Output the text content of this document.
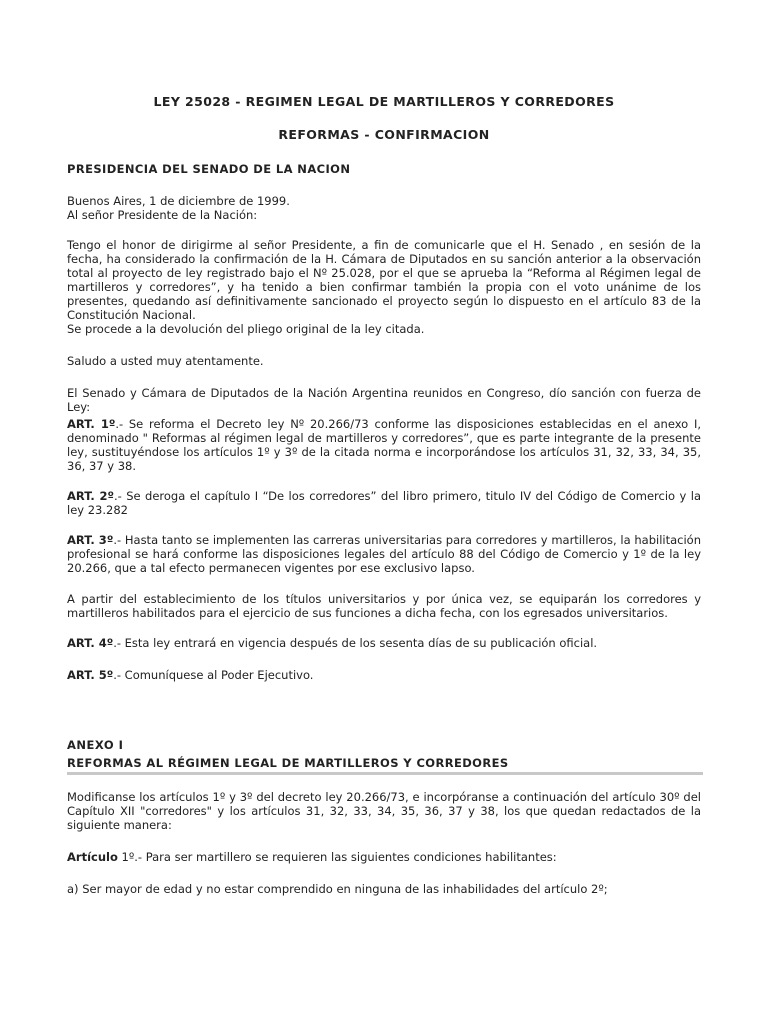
LEY 25028 - REGIMEN LEGAL DE MARTILLEROS Y CORREDORES
REFORMAS - CONFIRMACION

PRESIDENCIA DEL SENADO DE LA NACION

Buenos Aires, 1 de diciembre de 1999.
Al señor Presidente de la Nación:

Tengo el honor de dirigirme al señor Presidente, a fin de comunicarle que el H. Senado , en sesión de la fecha, ha considerado la confirmación de la H. Cámara de Diputados en su sanción anterior a la observación total al proyecto de ley registrado bajo el Nº 25.028, por el que se aprueba la “Reforma al Régimen legal de martilleros y corredores”, y ha tenido a bien confirmar también la propia con el voto unánime de los presentes, quedando así definitivamente sancionado el proyecto según lo dispuesto en el artículo 83 de la Constitución Nacional.

Se procede a la devolución del pliego original de la ley citada.

Saludo a usted muy atentamente.

El Senado y Cámara de Diputados de la Nación Argentina reunidos en Congreso, dío sanción con fuerza de Ley:

ART. 1º.- Se reforma el Decreto ley Nº 20.266/73 conforme las disposiciones establecidas en el anexo I, denominado " Reformas al régimen legal de martilleros y corredores”, que es parte integrante de la presente ley, sustituyéndose los artículos 1º y 3º de la citada norma e incorporándose los artículos 31, 32, 33, 34, 35, 36, 37 y 38.

ART. 2º.- Se deroga el capítulo I “De los corredores” del libro primero, titulo IV del Código de Comercio y la ley 23.282

ART. 3º.- Hasta tanto se implementen las carreras universitarias para corredores y martilleros, la habilitación profesional se hará conforme las disposiciones legales del artículo 88 del Código de Comercio y 1º de la ley 20.266, que a tal efecto permanecen vigentes por ese exclusivo lapso.

A partir del establecimiento de los títulos universitarios y por única vez, se equiparán los corredores y martilleros habilitados para el ejercicio de sus funciones a dicha fecha, con los egresados universitarios.

ART. 4º.- Esta ley entrará en vigencia después de los sesenta días de su publicación oficial.

ART. 5º.- Comuníquese al Poder Ejecutivo.

ANEXO I

REFORMAS AL RÉGIMEN LEGAL DE MARTILLEROS Y CORREDORES

Modificanse los artículos 1º y 3º del decreto ley 20.266/73, e incorpóranse a continuación del artículo 30º del Capítulo XII "corredores" y los artículos 31, 32, 33, 34, 35, 36, 37 y 38, los que quedan redactados de la siguiente manera:

Artículo 1º.- Para ser martillero se requieren las siguientes condiciones habilitantes:

a) Ser mayor de edad y no estar comprendido en ninguna de las inhabilidades del artículo 2º;
